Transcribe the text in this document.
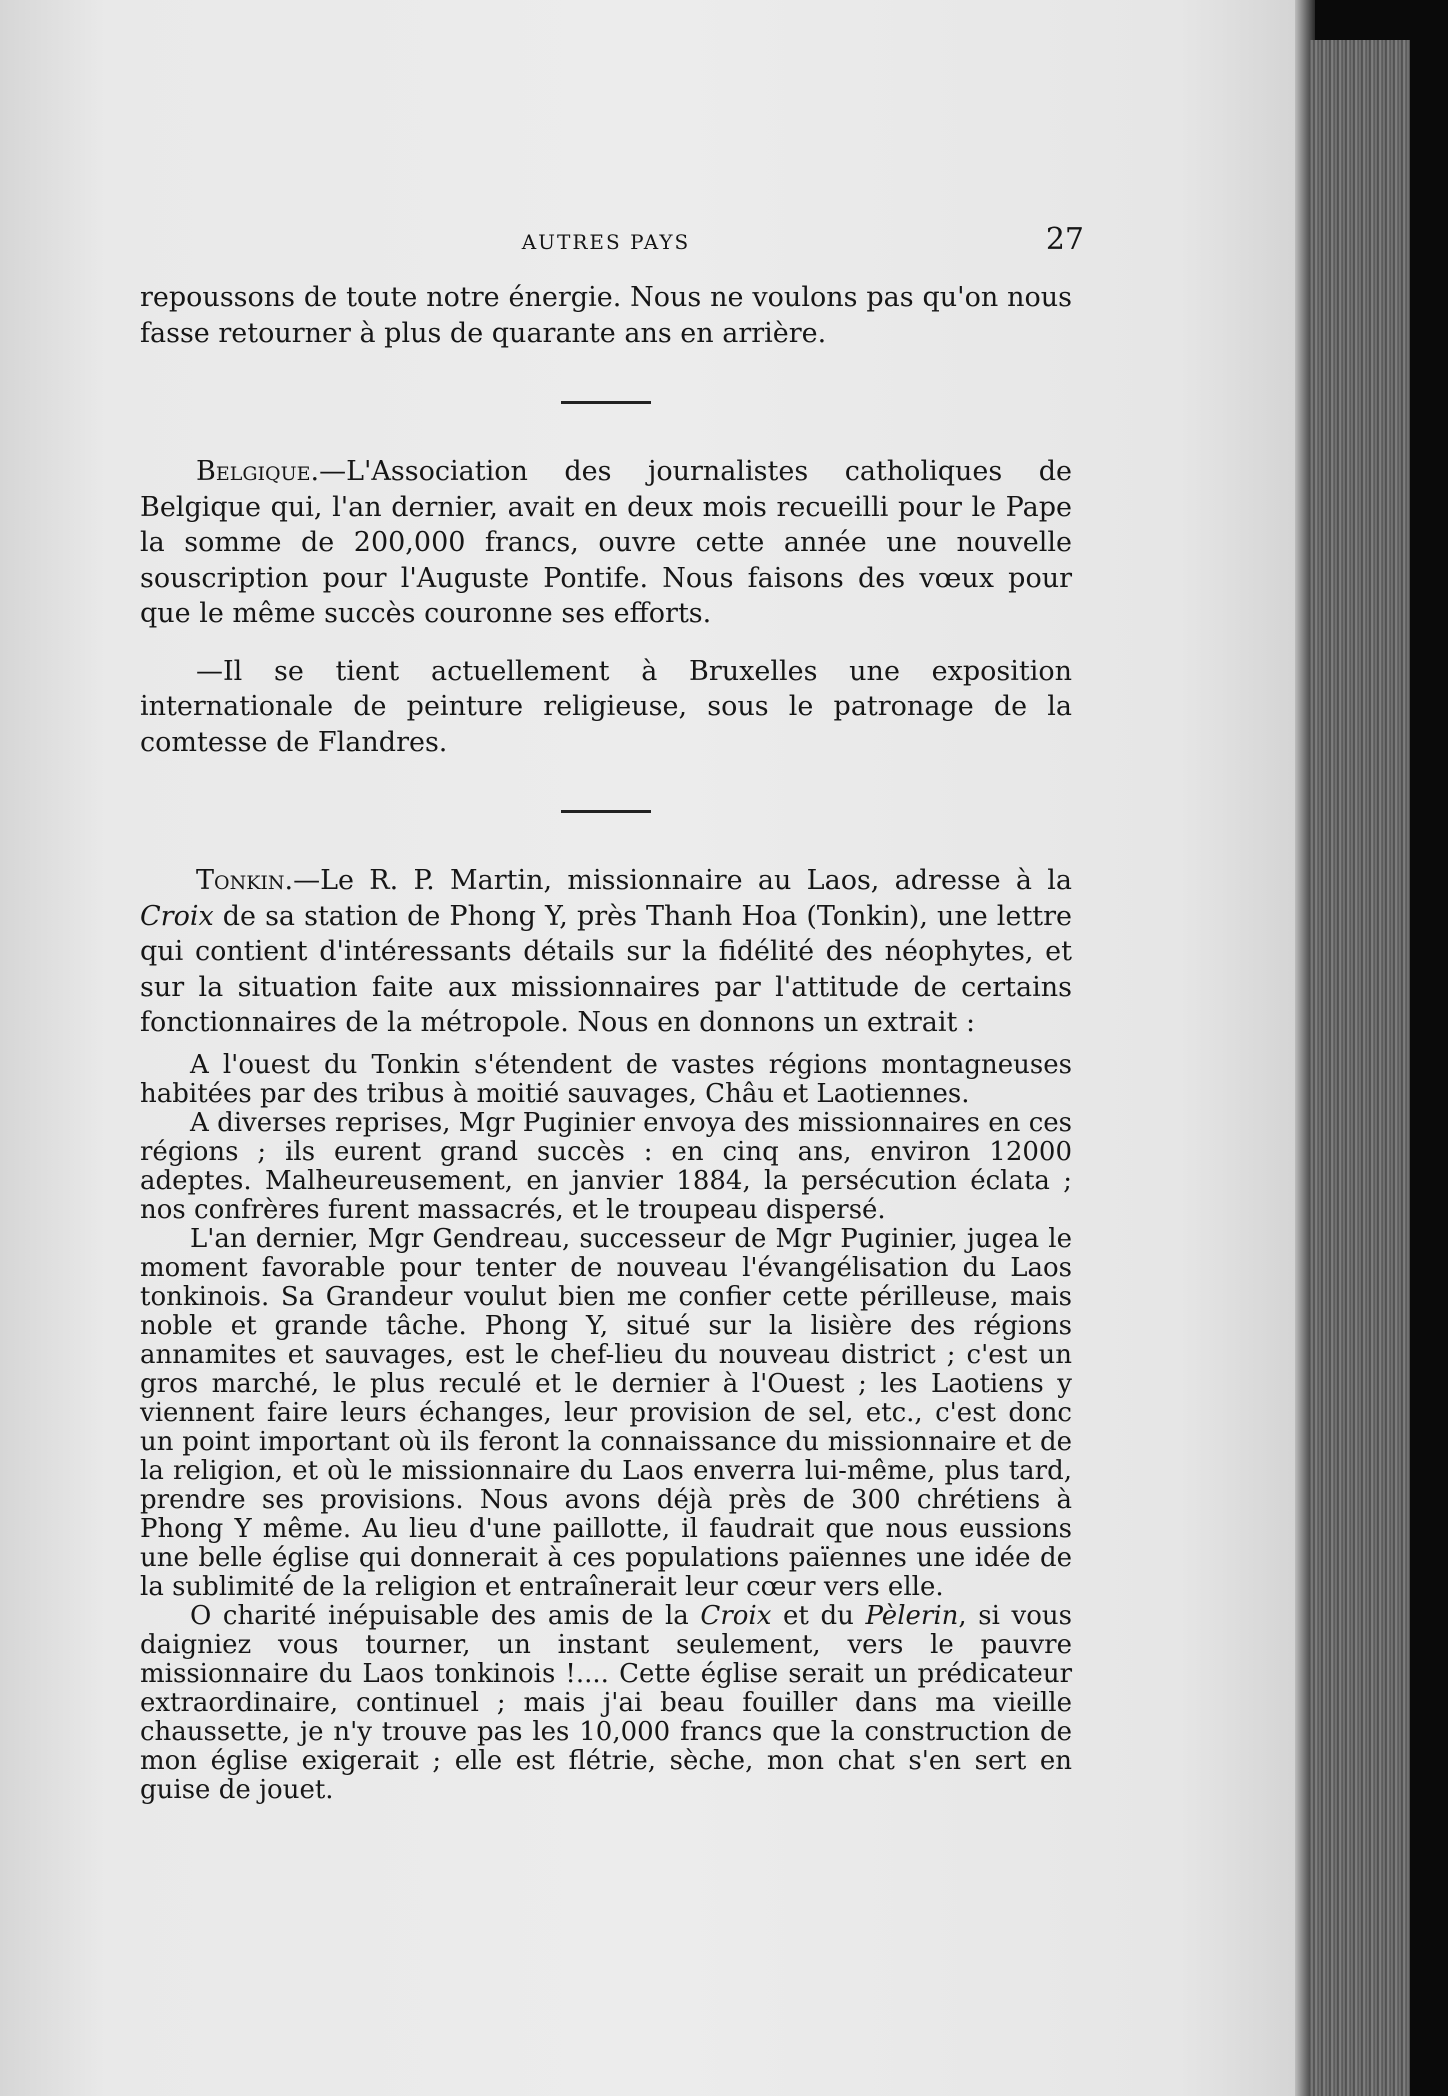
AUTRES PAYS	27

repoussons de toute notre énergie. Nous ne voulons pas qu'on nous fasse retourner à plus de quarante ans en arrière.

Belgique.—L'Association des journalistes catholiques de Belgique qui, l'an dernier, avait en deux mois recueilli pour le Pape la somme de 200,000 francs, ouvre cette année une nouvelle souscription pour l'Auguste Pontife. Nous faisons des vœux pour que le même succès couronne ses efforts.

—Il se tient actuellement à Bruxelles une exposition internationale de peinture religieuse, sous le patronage de la comtesse de Flandres.

Tonkin.—Le R. P. Martin, missionnaire au Laos, adresse à la Croix de sa station de Phong Y, près Thanh Hoa (Tonkin), une lettre qui contient d'intéressants détails sur la fidélité des néophytes, et sur la situation faite aux missionnaires par l'attitude de certains fonctionnaires de la métropole. Nous en donnons un extrait :

A l'ouest du Tonkin s'étendent de vastes régions montagneuses habitées par des tribus à moitié sauvages, Châu et Laotiennes.

A diverses reprises, Mgr Puginier envoya des missionnaires en ces régions ; ils eurent grand succès : en cinq ans, environ 12000 adeptes. Malheureusement, en janvier 1884, la persécution éclata ; nos confrères furent massacrés, et le troupeau dispersé.

L'an dernier, Mgr Gendreau, successeur de Mgr Puginier, jugea le moment favorable pour tenter de nouveau l'évangélisation du Laos tonkinois. Sa Grandeur voulut bien me confier cette périlleuse, mais noble et grande tâche. Phong Y, situé sur la lisière des régions annamites et sauvages, est le chef-lieu du nouveau district ; c'est un gros marché, le plus reculé et le dernier à l'Ouest ; les Laotiens y viennent faire leurs échanges, leur provision de sel, etc., c'est donc un point important où ils feront la connaissance du missionnaire et de la religion, et où le missionnaire du Laos enverra lui-même, plus tard, prendre ses provisions. Nous avons déjà près de 300 chrétiens à Phong Y même. Au lieu d'une paillotte, il faudrait que nous eussions une belle église qui donnerait à ces populations païennes une idée de la sublimité de la religion et entraînerait leur cœur vers elle.

O charité inépuisable des amis de la Croix et du Pèlerin, si vous daigniez vous tourner, un instant seulement, vers le pauvre missionnaire du Laos tonkinois !.... Cette église serait un prédicateur extraordinaire, continuel ; mais j'ai beau fouiller dans ma vieille chaussette, je n'y trouve pas les 10,000 francs que la construction de mon église exigerait ; elle est flétrie, sèche, mon chat s'en sert en guise de jouet.
